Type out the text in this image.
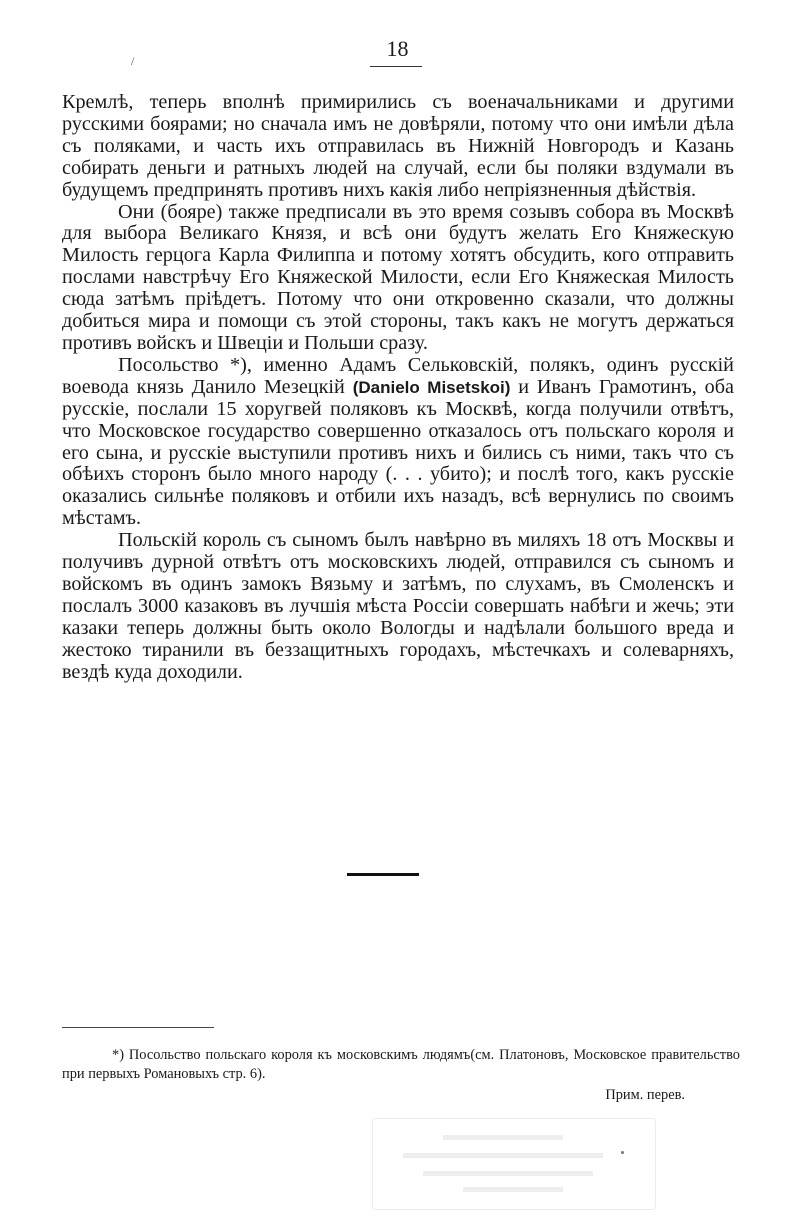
18
/

Кремлѣ, теперь вполнѣ примирились съ военачальниками и другими русскими боярами; но сначала имъ не довѣряли, потому что они имѣли дѣла съ поляками, и часть ихъ отправилась въ Нижній Новгородъ и Казань собирать деньги и ратныхъ людей на случай, если бы поляки вздумали въ будущемъ предпринять противъ нихъ какія либо непріязненныя дѣйствія.

Они (бояре) также предписали въ это время созывъ собора въ Москвѣ для выбора Великаго Князя, и всѣ они будутъ желать Его Княжескую Милость герцога Карла Филиппа и потому хотятъ обсудить, кого отправить послами навстрѣчу Его Княжеской Милости, если Его Княжеская Милость сюда затѣмъ пріѣдетъ. Потому что они откровенно сказали, что должны добиться мира и помощи съ этой стороны, такъ какъ не могутъ держаться противъ войскъ и Швеціи и Польши сразу.

Посольство *), именно Адамъ Сельковскій, полякъ, одинъ русскій воевода князь Данило Мезецкій (Danielo Misetskoi) и Иванъ Грамотинъ, оба русскіе, послали 15 хоругвей поляковъ къ Москвѣ, когда получили отвѣтъ, что Московское государство совершенно отказалось отъ польскаго короля и его сына, и русскіе выступили противъ нихъ и бились съ ними, такъ что съ обѣихъ сторонъ было много народу (. . . убито); и послѣ того, какъ русскіе оказались сильнѣе поляковъ и отбили ихъ назадъ, всѣ вернулись по своимъ мѣстамъ.

Польскій король съ сыномъ былъ навѣрно въ миляхъ 18 отъ Москвы и получивъ дурной отвѣтъ отъ московскихъ людей, отправился съ сыномъ и войскомъ въ одинъ замокъ Вязьму и затѣмъ, по слухамъ, въ Смоленскъ и послалъ 3000 казаковъ въ лучшія мѣста Россіи совершать набѣги и жечь; эти казаки теперь должны быть около Вологды и надѣлали большого вреда и жестоко тиранили въ беззащитныхъ городахъ, мѣстечкахъ и солеварняхъ, вездѣ куда доходили.

*) Посольство польскаго короля къ московскимъ людямъ(см. Платоновъ, Московское правительство при первыхъ Романовыхъ стр. 6).

Прим. перев.
